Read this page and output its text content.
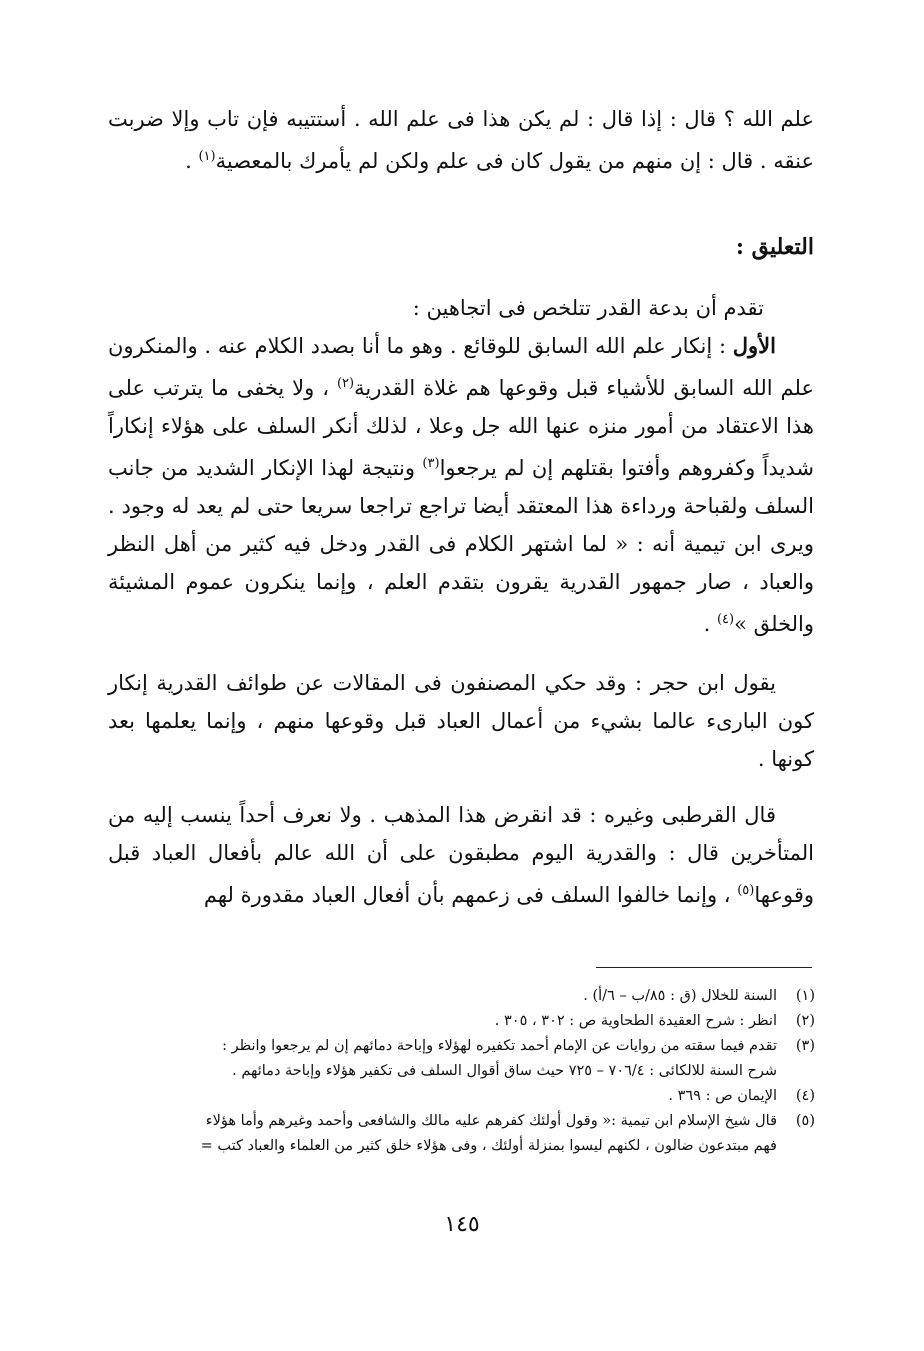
علم الله ؟ قال : إذا قال : لم يكن هذا فى علم الله . أستتيبه فإن تاب وإلا ضربت

عنقه . قال : إن منهم من يقول كان فى علم ولكن لم يأمرك بالمعصية$^{(١)}$ .

التعليق :

تقدم أن بدعة القدر تتلخص فى اتجاهين :

الأول : إنكار علم الله السابق للوقائع . وهو ما أنا بصدد الكلام عنه . والمنكرون علم الله السابق للأشياء قبل وقوعها هم غلاة القدرية$^{(٢)}$ ، ولا يخفى ما يترتب على هذا الاعتقاد من أمور منزه عنها الله جل وعلا ، لذلك أنكر السلف على هؤلاء إنكاراً شديداً وكفروهم وأفتوا بقتلهم إن لم يرجعوا$^{(٣)}$ ونتيجة لهذا الإنكار الشديد من جانب السلف ولقباحة ورداءة هذا المعتقد أيضا تراجع تراجعا سريعا حتى لم يعد له وجود . ويرى ابن تيمية أنه : « لما اشتهر الكلام فى القدر ودخل فيه كثير من أهل النظر والعباد ، صار جمهور القدرية يقرون بتقدم العلم ، وإنما ينكرون عموم المشيئة والخلق »$^{(٤)}$ .

يقول ابن حجر : وقد حكي المصنفون فى المقالات عن طوائف القدرية إنكار كون البارىء عالما بشيء من أعمال العباد قبل وقوعها منهم ، وإنما يعلمها بعد كونها .

قال القرطبى وغيره : قد انقرض هذا المذهب . ولا نعرف أحداً ينسب إليه من المتأخرين قال : والقدرية اليوم مطبقون على أن الله عالم بأفعال العباد قبل وقوعها$^{(٥)}$ ، وإنما خالفوا السلف فى زعمهم بأن أفعال العباد مقدورة لهم

(١)
السنة للخلال (ق : ٨٥/ب – ٦/أ) .
(٢)
انظر : شرح العقيدة الطحاوية ص : ٣٠٢ ، ٣٠٥ .
(٣)
تقدم فيما سقته من روايات عن الإمام أحمد تكفيره لهؤلاء وإباحة دمائهم إن لم يرجعوا وانظر :
شرح السنة للالكائى : ٧٠٦/٤ – ٧٢٥ حيث ساق أقوال السلف فى تكفير هؤلاء وإباحة دمائهم .
(٤)
الإيمان ص : ٣٦٩ .
(٥)
قال شيخ الإسلام ابن تيمية :« وقول أولئك كفرهم عليه مالك والشافعى وأحمد وغيرهم وأما هؤلاء
فهم مبتدعون ضالون ، لكنهم ليسوا بمنزلة أولئك ، وفى هؤلاء خلق كثير من العلماء والعباد كتب =
١٤٥
